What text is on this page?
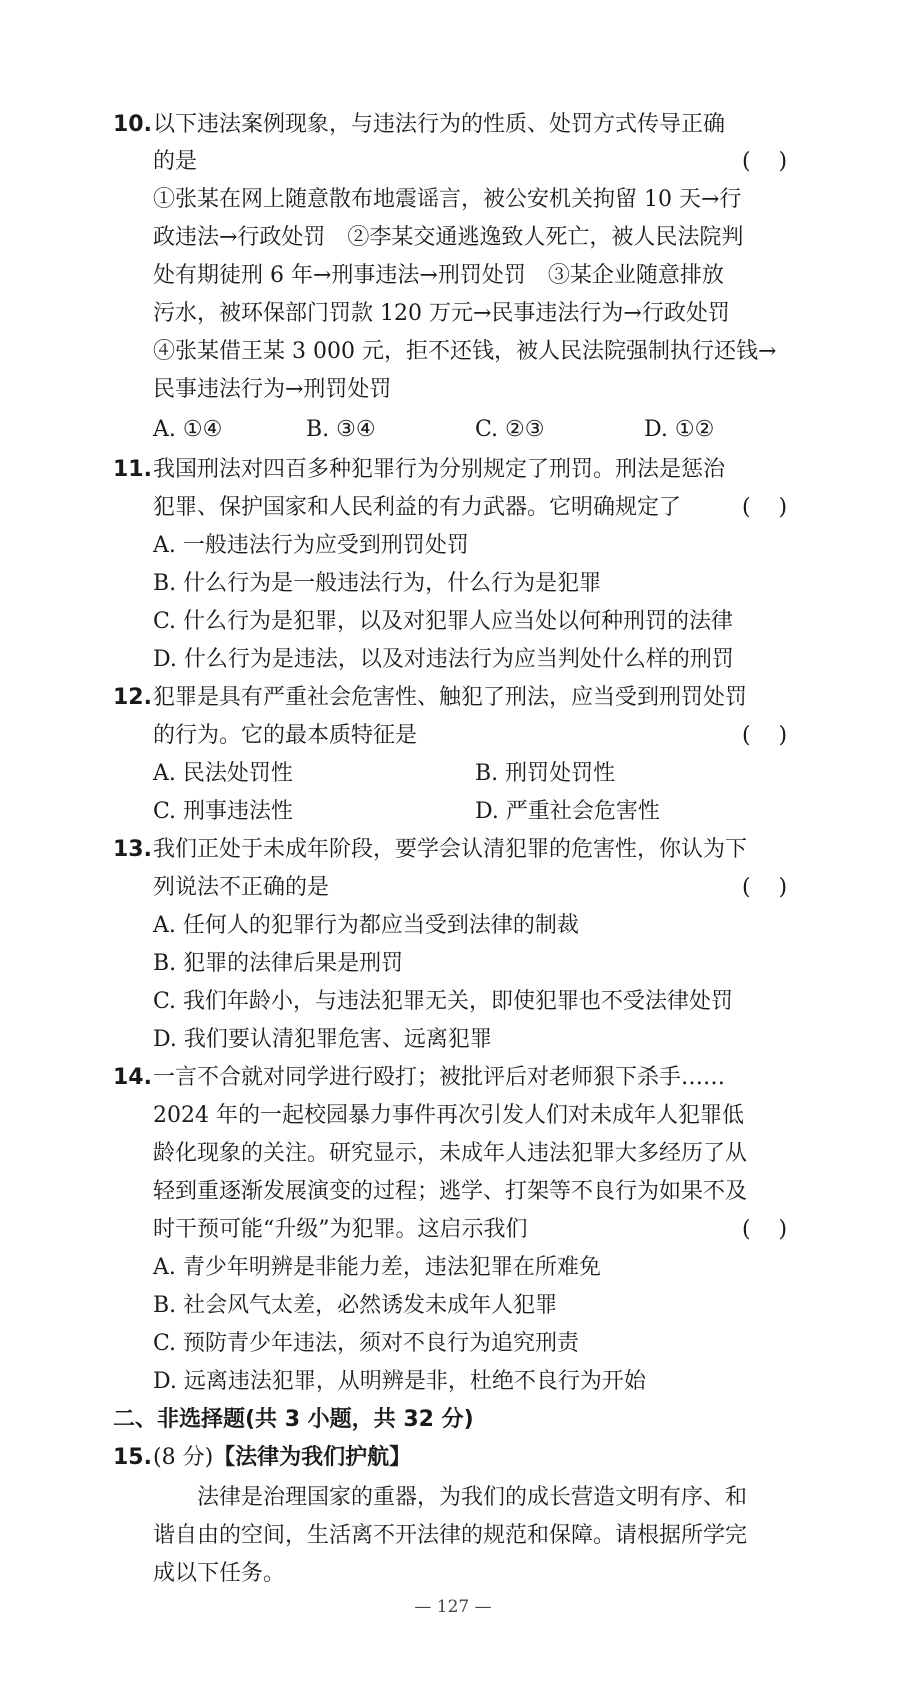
10. 以下违法案例现象，与违法行为的性质、处罚方式传导正确
的是	(    )
①张某在网上随意散布地震谣言，被公安机关拘留 10 天→行
政违法→行政处罚　②李某交通逃逸致人死亡，被人民法院判
处有期徒刑 6 年→刑事违法→刑罚处罚　③某企业随意排放
污水，被环保部门罚款 120 万元→民事违法行为→行政处罚
④张某借王某 3 000 元，拒不还钱，被人民法院强制执行还钱→
民事违法行为→刑罚处罚
A. ①④	B. ③④	C. ②③	D. ①②
11. 我国刑法对四百多种犯罪行为分别规定了刑罚。刑法是惩治
犯罪、保护国家和人民利益的有力武器。它明确规定了	(    )
A. 一般违法行为应受到刑罚处罚
B. 什么行为是一般违法行为，什么行为是犯罪
C. 什么行为是犯罪，以及对犯罪人应当处以何种刑罚的法律
D. 什么行为是违法，以及对违法行为应当判处什么样的刑罚
12. 犯罪是具有严重社会危害性、触犯了刑法，应当受到刑罚处罚
的行为。它的最本质特征是	(    )
A. 民法处罚性	B. 刑罚处罚性
C. 刑事违法性	D. 严重社会危害性
13. 我们正处于未成年阶段，要学会认清犯罪的危害性，你认为下
列说法不正确的是	(    )
A. 任何人的犯罪行为都应当受到法律的制裁
B. 犯罪的法律后果是刑罚
C. 我们年龄小，与违法犯罪无关，即使犯罪也不受法律处罚
D. 我们要认清犯罪危害、远离犯罪
14. 一言不合就对同学进行殴打；被批评后对老师狠下杀手……
2024 年的一起校园暴力事件再次引发人们对未成年人犯罪低
龄化现象的关注。研究显示，未成年人违法犯罪大多经历了从
轻到重逐渐发展演变的过程；逃学、打架等不良行为如果不及
时干预可能“升级”为犯罪。这启示我们	(    )
A. 青少年明辨是非能力差，违法犯罪在所难免
B. 社会风气太差，必然诱发未成年人犯罪
C. 预防青少年违法，须对不良行为追究刑责
D. 远离违法犯罪，从明辨是非，杜绝不良行为开始
二、非选择题(共 3 小题，共 32 分)
15. (8 分)【法律为我们护航】
法律是治理国家的重器，为我们的成长营造文明有序、和
谐自由的空间，生活离不开法律的规范和保障。请根据所学完
成以下任务。
— 127 —
